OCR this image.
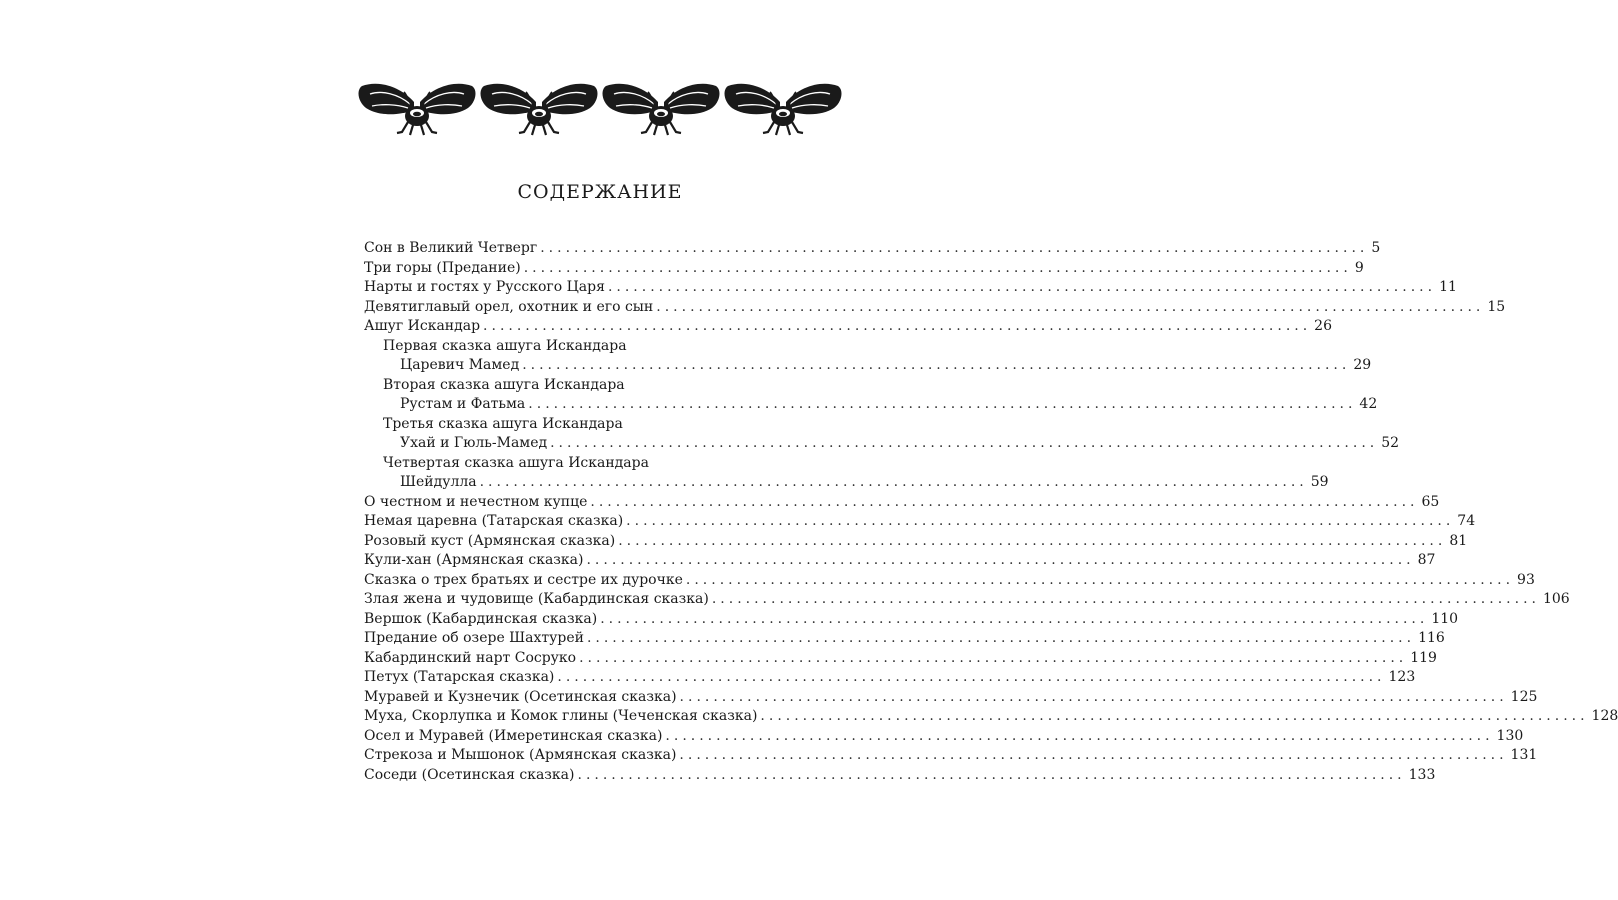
СОДЕРЖАНИЕ
Сон в Великий Четверг .................................................................................................. 5
Три горы (Предание) .................................................................................................. 9
Нарты и гостях у Русского Царя .................................................................................................. 11
Девятиглавый орел, охотник и его сын .................................................................................................. 15
Ашуг Искандар .................................................................................................. 26
Первая сказка ашуга Искандара
Царевич Мамед .................................................................................................. 29
Вторая сказка ашуга Искандара
Рустам и Фатьма .................................................................................................. 42
Третья сказка ашуга Искандара
Ухай и Гюль-Мамед .................................................................................................. 52
Четвертая сказка ашуга Искандара
Шейдулла .................................................................................................. 59
О честном и нечестном купце .................................................................................................. 65
Немая царевна (Татарская сказка) .................................................................................................. 74
Розовый куст (Армянская сказка) .................................................................................................. 81
Кули-хан (Армянская сказка) .................................................................................................. 87
Сказка о трех братьях и сестре их дурочке .................................................................................................. 93
Злая жена и чудовище (Кабардинская сказка) .................................................................................................. 106
Вершок (Кабардинская сказка) .................................................................................................. 110
Предание об озере Шахтурей .................................................................................................. 116
Кабардинский нарт Сосруко .................................................................................................. 119
Петух (Татарская сказка) .................................................................................................. 123
Муравей и Кузнечик (Осетинская сказка) .................................................................................................. 125
Муха, Скорлупка и Комок глины (Чеченская сказка) .................................................................................................. 128
Осел и Муравей (Имеретинская сказка) .................................................................................................. 130
Стрекоза и Мышонок (Армянская сказка) .................................................................................................. 131
Соседи (Осетинская сказка) .................................................................................................. 133
